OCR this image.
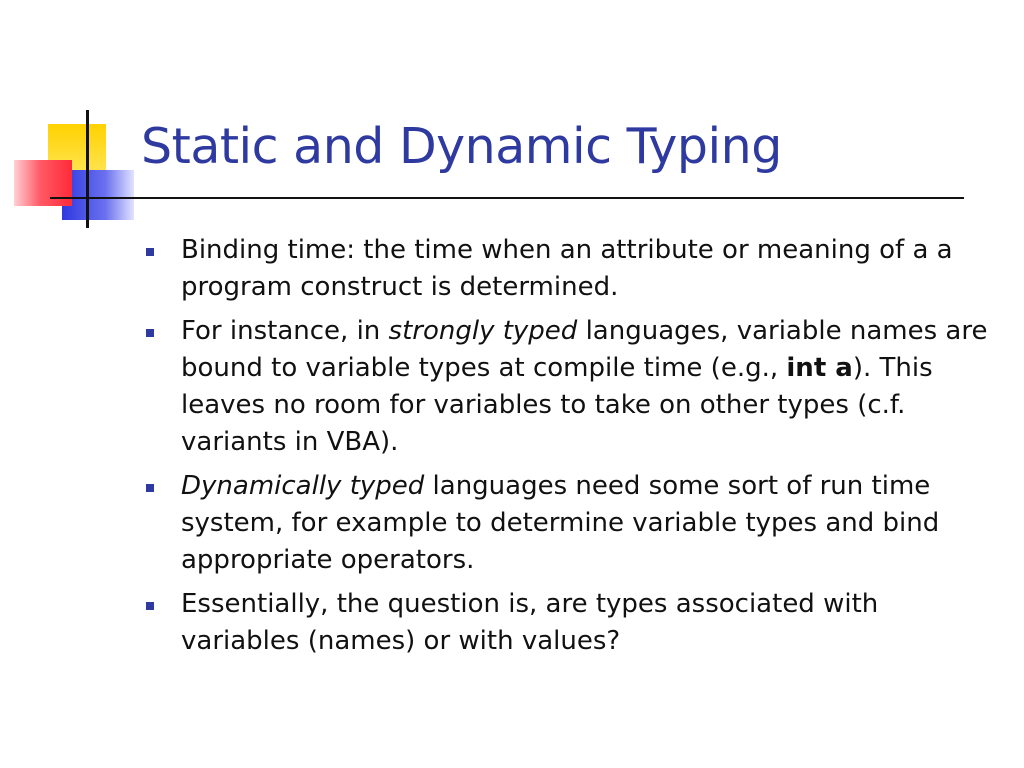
Static and Dynamic Typing
Binding time: the time when an attribute or meaning of a a program construct is determined.
For instance, in strongly typed languages, variable names are bound to variable types at compile time (e.g., int a). This leaves no room for variables to take on other types (c.f. variants in VBA).
Dynamically typed languages need some sort of run time system, for example to determine variable types and bind appropriate operators.
Essentially, the question is, are types associated with variables (names) or with values?
